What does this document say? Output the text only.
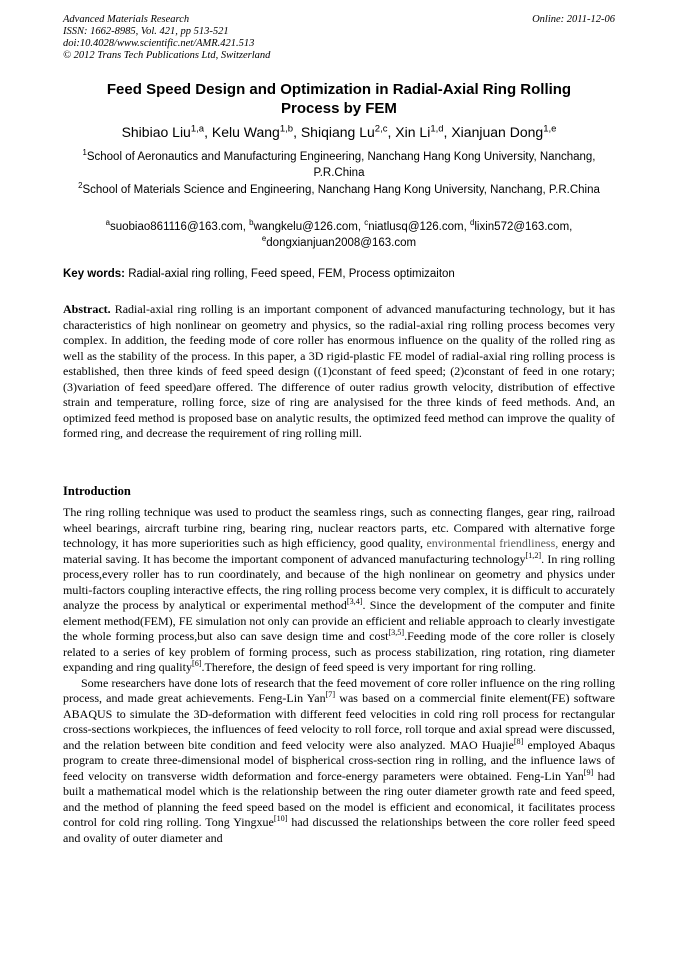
Advanced Materials Research
ISSN: 1662-8985, Vol. 421, pp 513-521
doi:10.4028/www.scientific.net/AMR.421.513
© 2012 Trans Tech Publications Ltd, Switzerland
Online: 2011-12-06
Feed Speed Design and Optimization in Radial-Axial Ring Rolling Process by FEM
Shibiao Liu$^{1,a}$, Kelu Wang$^{1,b}$, Shiqiang Lu$^{2,c}$, Xin Li$^{1,d}$, Xianjuan Dong$^{1,e}$
$^1$School of Aeronautics and Manufacturing Engineering, Nanchang Hang Kong University, Nanchang, P.R.China
$^2$School of Materials Science and Engineering, Nanchang Hang Kong University, Nanchang, P.R.China
$^a$suobiao861116@163.com, $^b$wangkelu@126.com, $^c$niatlusq@126.com, $^d$lixin572@163.com,
$^e$dongxianjuan2008@163.com
Key words: Radial-axial ring rolling, Feed speed, FEM, Process optimizaiton

Abstract. Radial-axial ring rolling is an important component of advanced manufacturing technology, but it has characteristics of high nonlinear on geometry and physics, so the radial-axial ring rolling process becomes very complex. In addition, the feeding mode of core roller has enormous influence on the quality of the rolled ring as well as the stability of the process. In this paper, a 3D rigid-plastic FE model of radial-axial ring rolling process is established, then three kinds of feed speed design ((1)constant of feed speed; (2)constant of feed in one rotary; (3)variation of feed speed)are offered. The difference of outer radius growth velocity, distribution of effective strain and temperature, rolling force, size of ring are analysised for the three kinds of feed methods. And, an optimized feed method is proposed base on analytic results, the optimized feed method can improve the quality of formed ring, and decrease the requirement of ring rolling mill.

Introduction

The ring rolling technique was used to product the seamless rings, such as connecting flanges, gear ring, railroad wheel bearings, aircraft turbine ring, bearing ring, nuclear reactors parts, etc. Compared with alternative forge technology, it has more superiorities such as high efficiency, good quality, environmental friendliness, energy and material saving. It has become the important component of advanced manufacturing technology[1,2]. In ring rolling process,every roller has to run coordinately, and because of the high nonlinear on geometry and physics under multi-factors coupling interactive effects, the ring rolling process become very complex, it is difficult to accurately analyze the process by analytical or experimental method[3,4]. Since the development of the computer and finite element method(FEM), FE simulation not only can provide an efficient and reliable approach to clearly investigate the whole forming process,but also can save design time and cost[3,5].Feeding mode of the core roller is closely related to a series of key problem of forming process, such as process stabilization, ring rotation, ring diameter expanding and ring quality[6].Therefore, the design of feed speed is very important for ring rolling.

Some researchers have done lots of research that the feed movement of core roller influence on the ring rolling process, and made great achievements. Feng-Lin Yan[7] was based on a commercial finite element(FE) software ABAQUS to simulate the 3D-deformation with different feed velocities in cold ring roll process for rectangular cross-sections workpieces, the influences of feed velocity to roll force, roll torque and axial spread were discussed, and the relation between bite condition and feed velocity were also analyzed. MAO Huajie[8] employed Abaqus program to create three-dimensional model of bispherical cross-section ring in rolling, and the influence laws of feed velocity on transverse width deformation and force-energy parameters were obtained. Feng-Lin Yan[9] had built a mathematical model which is the relationship between the ring outer diameter growth rate and feed speed, and the method of planning the feed speed based on the model is efficient and economical, it facilitates process control for cold ring rolling. Tong Yingxue[10] had discussed the relationships between the core roller feed speed and ovality of outer diameter and
